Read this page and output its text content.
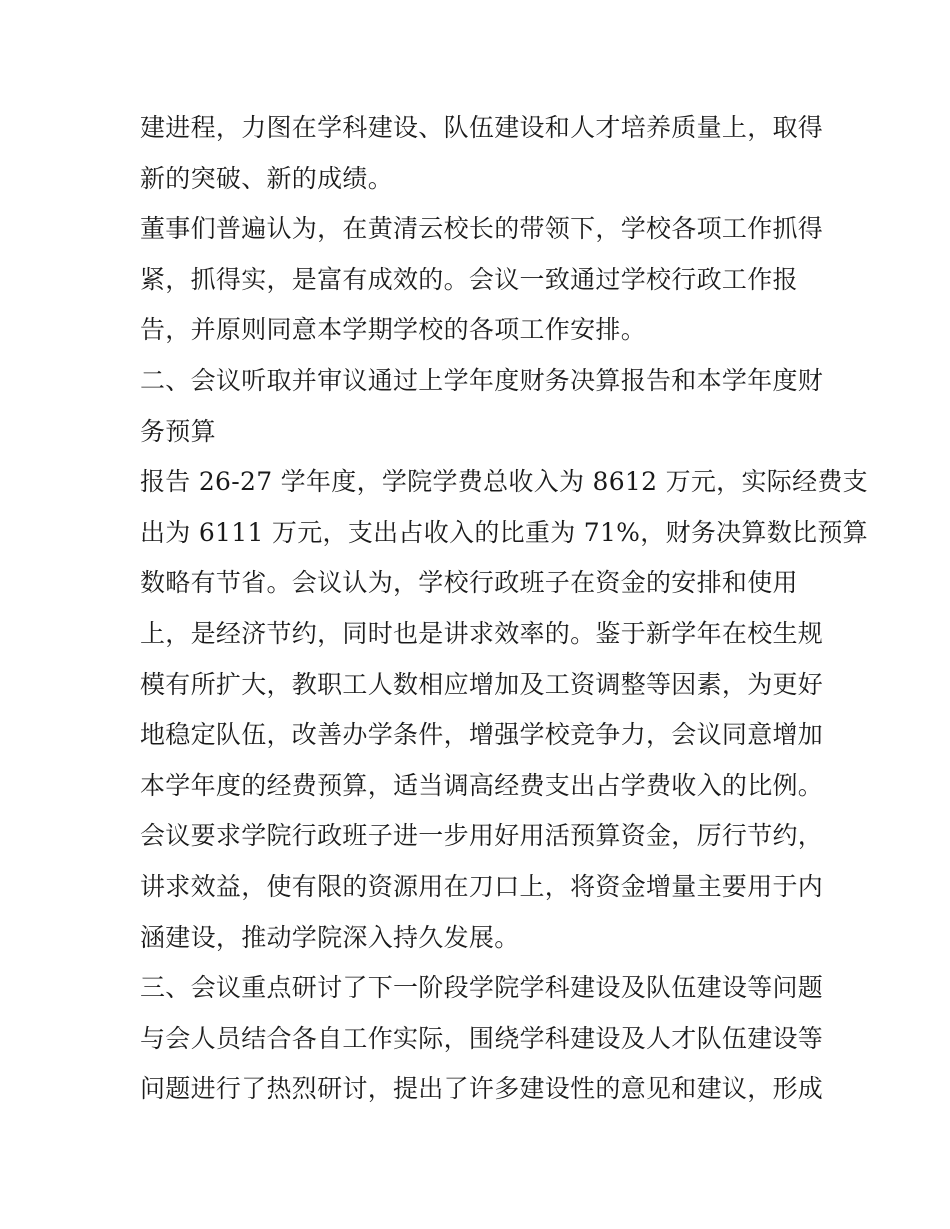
建进程，力图在学科建设、队伍建设和人才培养质量上，取得
新的突破、新的成绩。
董事们普遍认为，在黄清云校长的带领下，学校各项工作抓得
紧，抓得实，是富有成效的。会议一致通过学校行政工作报
告，并原则同意本学期学校的各项工作安排。
二、会议听取并审议通过上学年度财务决算报告和本学年度财
务预算
报告 26-27 学年度，学院学费总收入为 8612 万元，实际经费支
出为 6111 万元，支出占收入的比重为 71%，财务决算数比预算
数略有节省。会议认为，学校行政班子在资金的安排和使用
上，是经济节约，同时也是讲求效率的。鉴于新学年在校生规
模有所扩大，教职工人数相应增加及工资调整等因素，为更好
地稳定队伍，改善办学条件，增强学校竞争力，会议同意增加
本学年度的经费预算，适当调高经费支出占学费收入的比例。
会议要求学院行政班子进一步用好用活预算资金，厉行节约，
讲求效益，使有限的资源用在刀口上，将资金增量主要用于内
涵建设，推动学院深入持久发展。
三、会议重点研讨了下一阶段学院学科建设及队伍建设等问题
与会人员结合各自工作实际，围绕学科建设及人才队伍建设等
问题进行了热烈研讨，提出了许多建设性的意见和建议，形成
